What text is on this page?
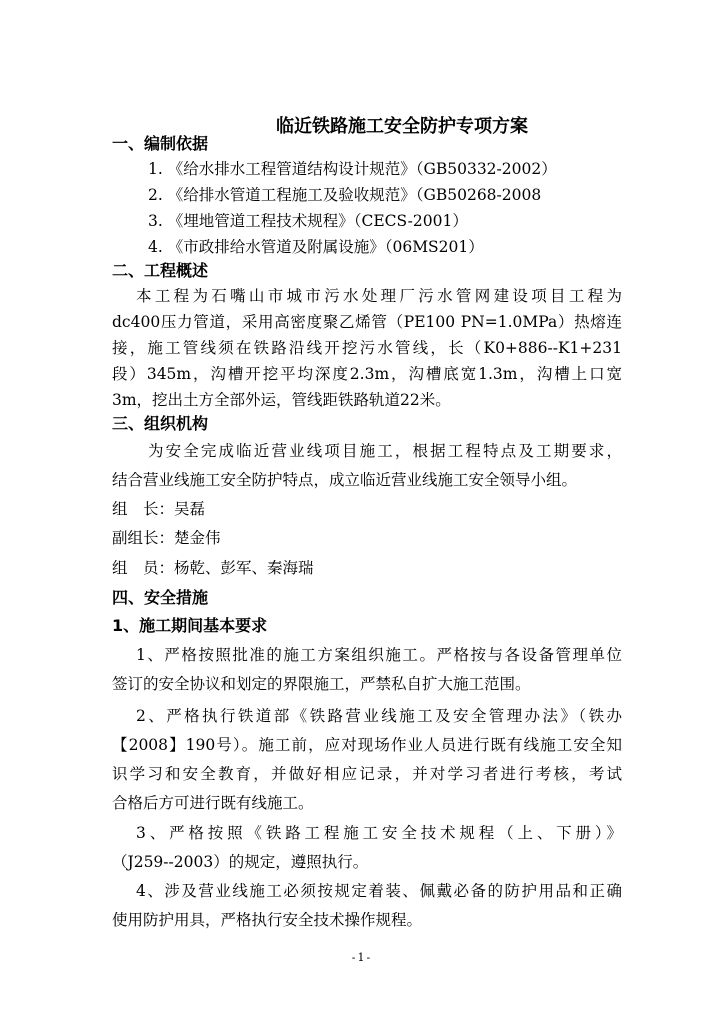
临近铁路施工安全防护专项方案
一、编制依据
1. 《给水排水工程管道结构设计规范》（GB50332-2002）
2. 《给排水管道工程施工及验收规范》（GB50268-2008
3. 《埋地管道工程技术规程》（CECS-2001）
4. 《市政排给水管道及附属设施》（06MS201）
二、工程概述
本工程为石嘴山市城市污水处理厂污水管网建设项目工程为
dc400压力管道，采用高密度聚乙烯管（PE100 PN=1.0MPa）热熔连
接，施工管线须在铁路沿线开挖污水管线，长（K0+886--K1+231
段）345m，沟槽开挖平均深度2.3m，沟槽底宽1.3m，沟槽上口宽
3m，挖出土方全部外运，管线距铁路轨道22米。
三、组织机构
为安全完成临近营业线项目施工，根据工程特点及工期要求，
结合营业线施工安全防护特点，成立临近营业线施工安全领导小组。
组　长：吴磊
副组长：楚金伟
组　员：杨乾、彭军、秦海瑞
四、安全措施
1、施工期间基本要求
1、严格按照批准的施工方案组织施工。严格按与各设备管理单位
签订的安全协议和划定的界限施工，严禁私自扩大施工范围。
2、严格执行铁道部《铁路营业线施工及安全管理办法》（铁办
【2008】190号）。施工前，应对现场作业人员进行既有线施工安全知
识学习和安全教育，并做好相应记录，并对学习者进行考核，考试
合格后方可进行既有线施工。
3、严格按照《铁路工程施工安全技术规程（上、下册）》
（J259--2003）的规定，遵照执行。
4、涉及营业线施工必须按规定着装、佩戴必备的防护用品和正确
使用防护用具，严格执行安全技术操作规程。
-1-
